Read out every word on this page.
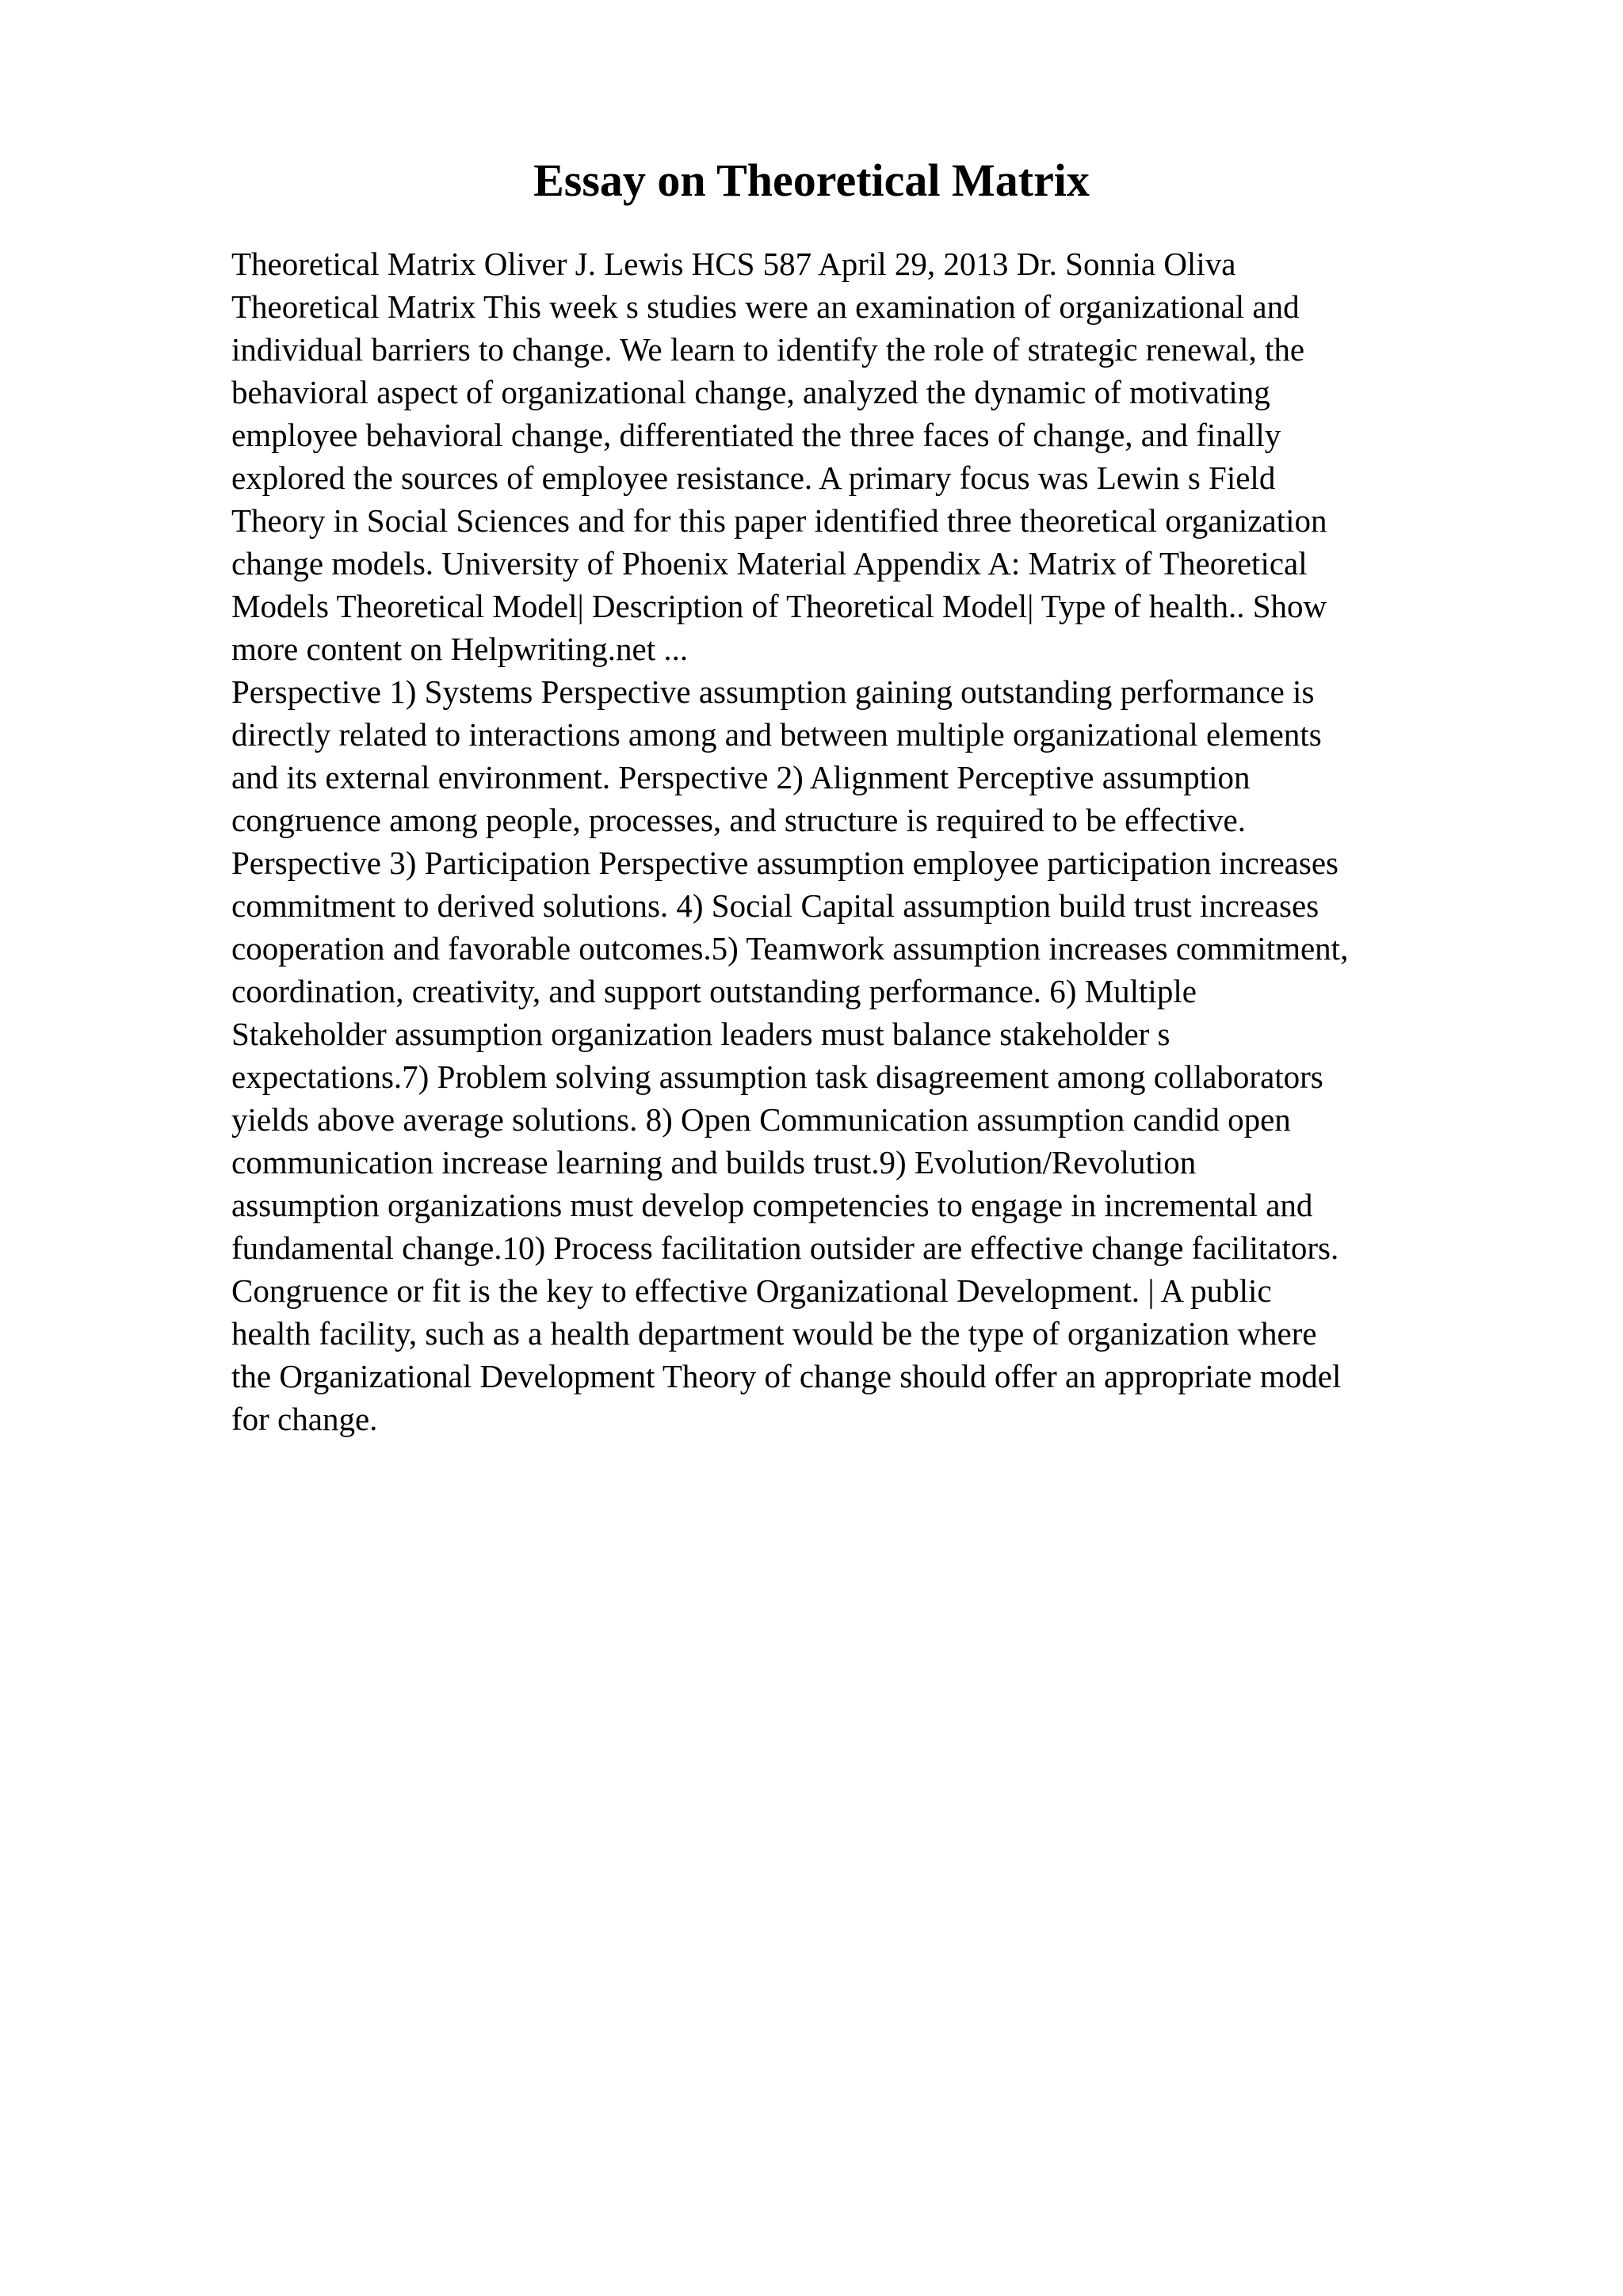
Essay on Theoretical Matrix

Theoretical Matrix Oliver J. Lewis HCS 587 April 29, 2013 Dr. Sonnia Oliva
Theoretical Matrix This week s studies were an examination of organizational and
individual barriers to change. We learn to identify the role of strategic renewal, the
behavioral aspect of organizational change, analyzed the dynamic of motivating
employee behavioral change, differentiated the three faces of change, and finally
explored the sources of employee resistance. A primary focus was Lewin s Field
Theory in Social Sciences and for this paper identified three theoretical organization
change models. University of Phoenix Material Appendix A: Matrix of Theoretical
Models Theoretical Model| Description of Theoretical Model| Type of health.. Show
more content on Helpwriting.net ...

Perspective 1) Systems Perspective assumption gaining outstanding performance is
directly related to interactions among and between multiple organizational elements
and its external environment. Perspective 2) Alignment Perceptive assumption
congruence among people, processes, and structure is required to be effective.
Perspective 3) Participation Perspective assumption employee participation increases
commitment to derived solutions. 4) Social Capital assumption build trust increases
cooperation and favorable outcomes.5) Teamwork assumption increases commitment,
coordination, creativity, and support outstanding performance. 6) Multiple
Stakeholder assumption organization leaders must balance stakeholder s
expectations.7) Problem solving assumption task disagreement among collaborators
yields above average solutions. 8) Open Communication assumption candid open
communication increase learning and builds trust.9) Evolution/Revolution
assumption organizations must develop competencies to engage in incremental and
fundamental change.10) Process facilitation outsider are effective change facilitators.
Congruence or fit is the key to effective Organizational Development. | A public
health facility, such as a health department would be the type of organization where
the Organizational Development Theory of change should offer an appropriate model
for change.
